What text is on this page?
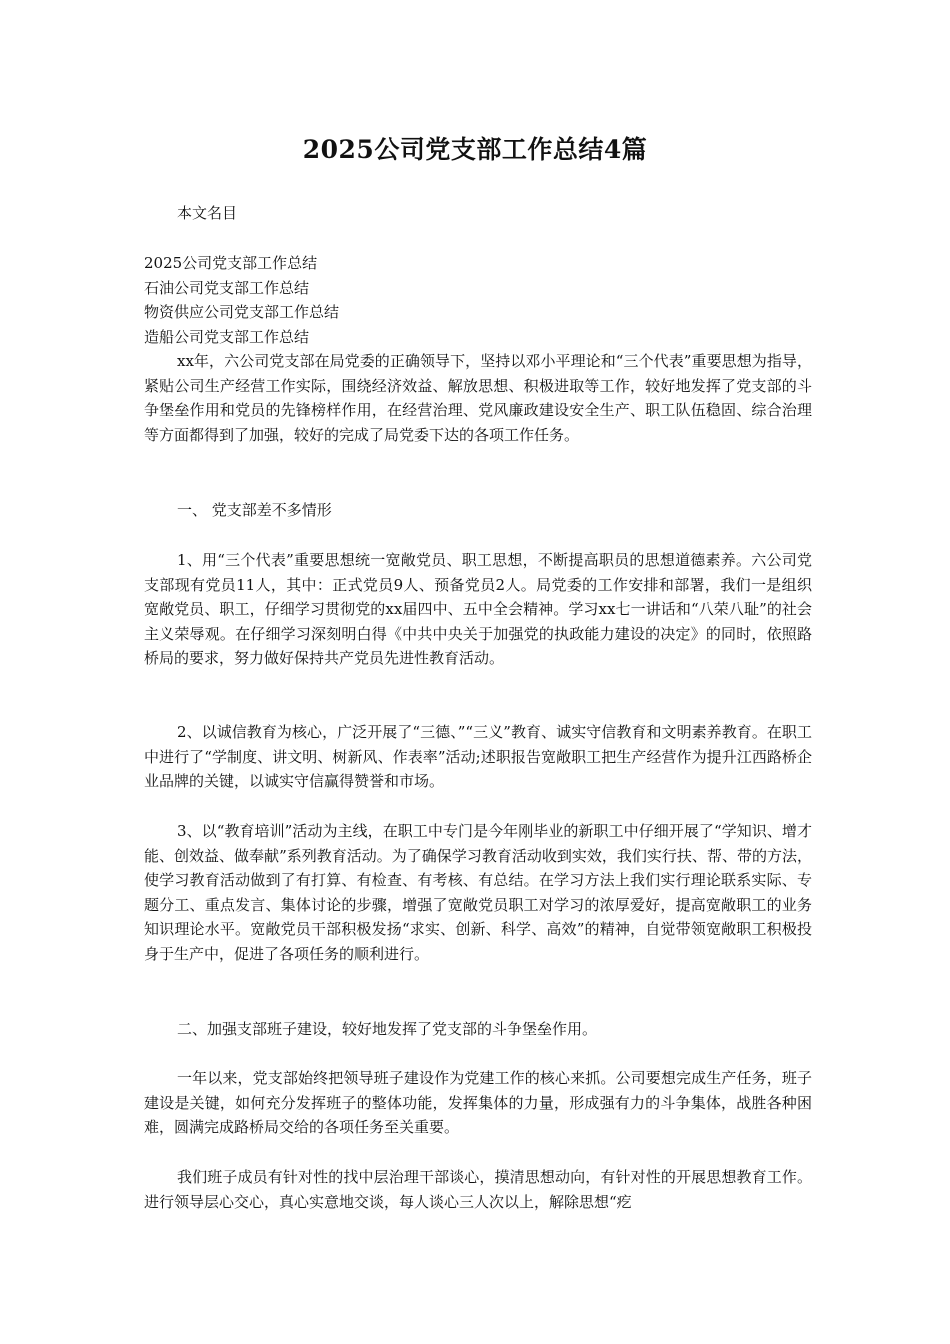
2025公司党支部工作总结4篇
本文名目
2025公司党支部工作总结
石油公司党支部工作总结
物资供应公司党支部工作总结
造船公司党支部工作总结
xx年，六公司党支部在局党委的正确领导下，坚持以邓小平理论和“三个代表”重要思想为指导，紧贴公司生产经营工作实际，围绕经济效益、解放思想、积极进取等工作，较好地发挥了党支部的斗争堡垒作用和党员的先锋榜样作用，在经营治理、党风廉政建设安全生产、职工队伍稳固、综合治理等方面都得到了加强，较好的完成了局党委下达的各项工作任务。
一、 党支部差不多情形
1、用“三个代表”重要思想统一宽敞党员、职工思想，不断提高职员的思想道德素养。六公司党支部现有党员11人，其中：正式党员9人、预备党员2人。局党委的工作安排和部署，我们一是组织宽敞党员、职工，仔细学习贯彻党的xx届四中、五中全会精神。学习xx七一讲话和“八荣八耻”的社会主义荣辱观。在仔细学习深刻明白得《中共中央关于加强党的执政能力建设的决定》的同时，依照路桥局的要求，努力做好保持共产党员先进性教育活动。
2、以诚信教育为核心，广泛开展了“三德、”“三义”教育、诚实守信教育和文明素养教育。在职工中进行了“学制度、讲文明、树新风、作表率”活动;述职报告宽敞职工把生产经营作为提升江西路桥企业品牌的关键，以诚实守信赢得赞誉和市场。
3、以“教育培训”活动为主线，在职工中专门是今年刚毕业的新职工中仔细开展了“学知识、增才能、创效益、做奉献”系列教育活动。为了确保学习教育活动收到实效，我们实行扶、帮、带的方法，使学习教育活动做到了有打算、有检查、有考核、有总结。在学习方法上我们实行理论联系实际、专题分工、重点发言、集体讨论的步骤，增强了宽敞党员职工对学习的浓厚爱好，提高宽敞职工的业务知识理论水平。宽敞党员干部积极发扬“求实、创新、科学、高效”的精神，自觉带领宽敞职工积极投身于生产中，促进了各项任务的顺利进行。
二、加强支部班子建设，较好地发挥了党支部的斗争堡垒作用。
一年以来，党支部始终把领导班子建设作为党建工作的核心来抓。公司要想完成生产任务，班子建设是关键，如何充分发挥班子的整体功能，发挥集体的力量，形成强有力的斗争集体，战胜各种困难，圆满完成路桥局交给的各项任务至关重要。
我们班子成员有针对性的找中层治理干部谈心，摸清思想动向，有针对性的开展思想教育工作。进行领导层心交心，真心实意地交谈，每人谈心三人次以上，解除思想“疙
